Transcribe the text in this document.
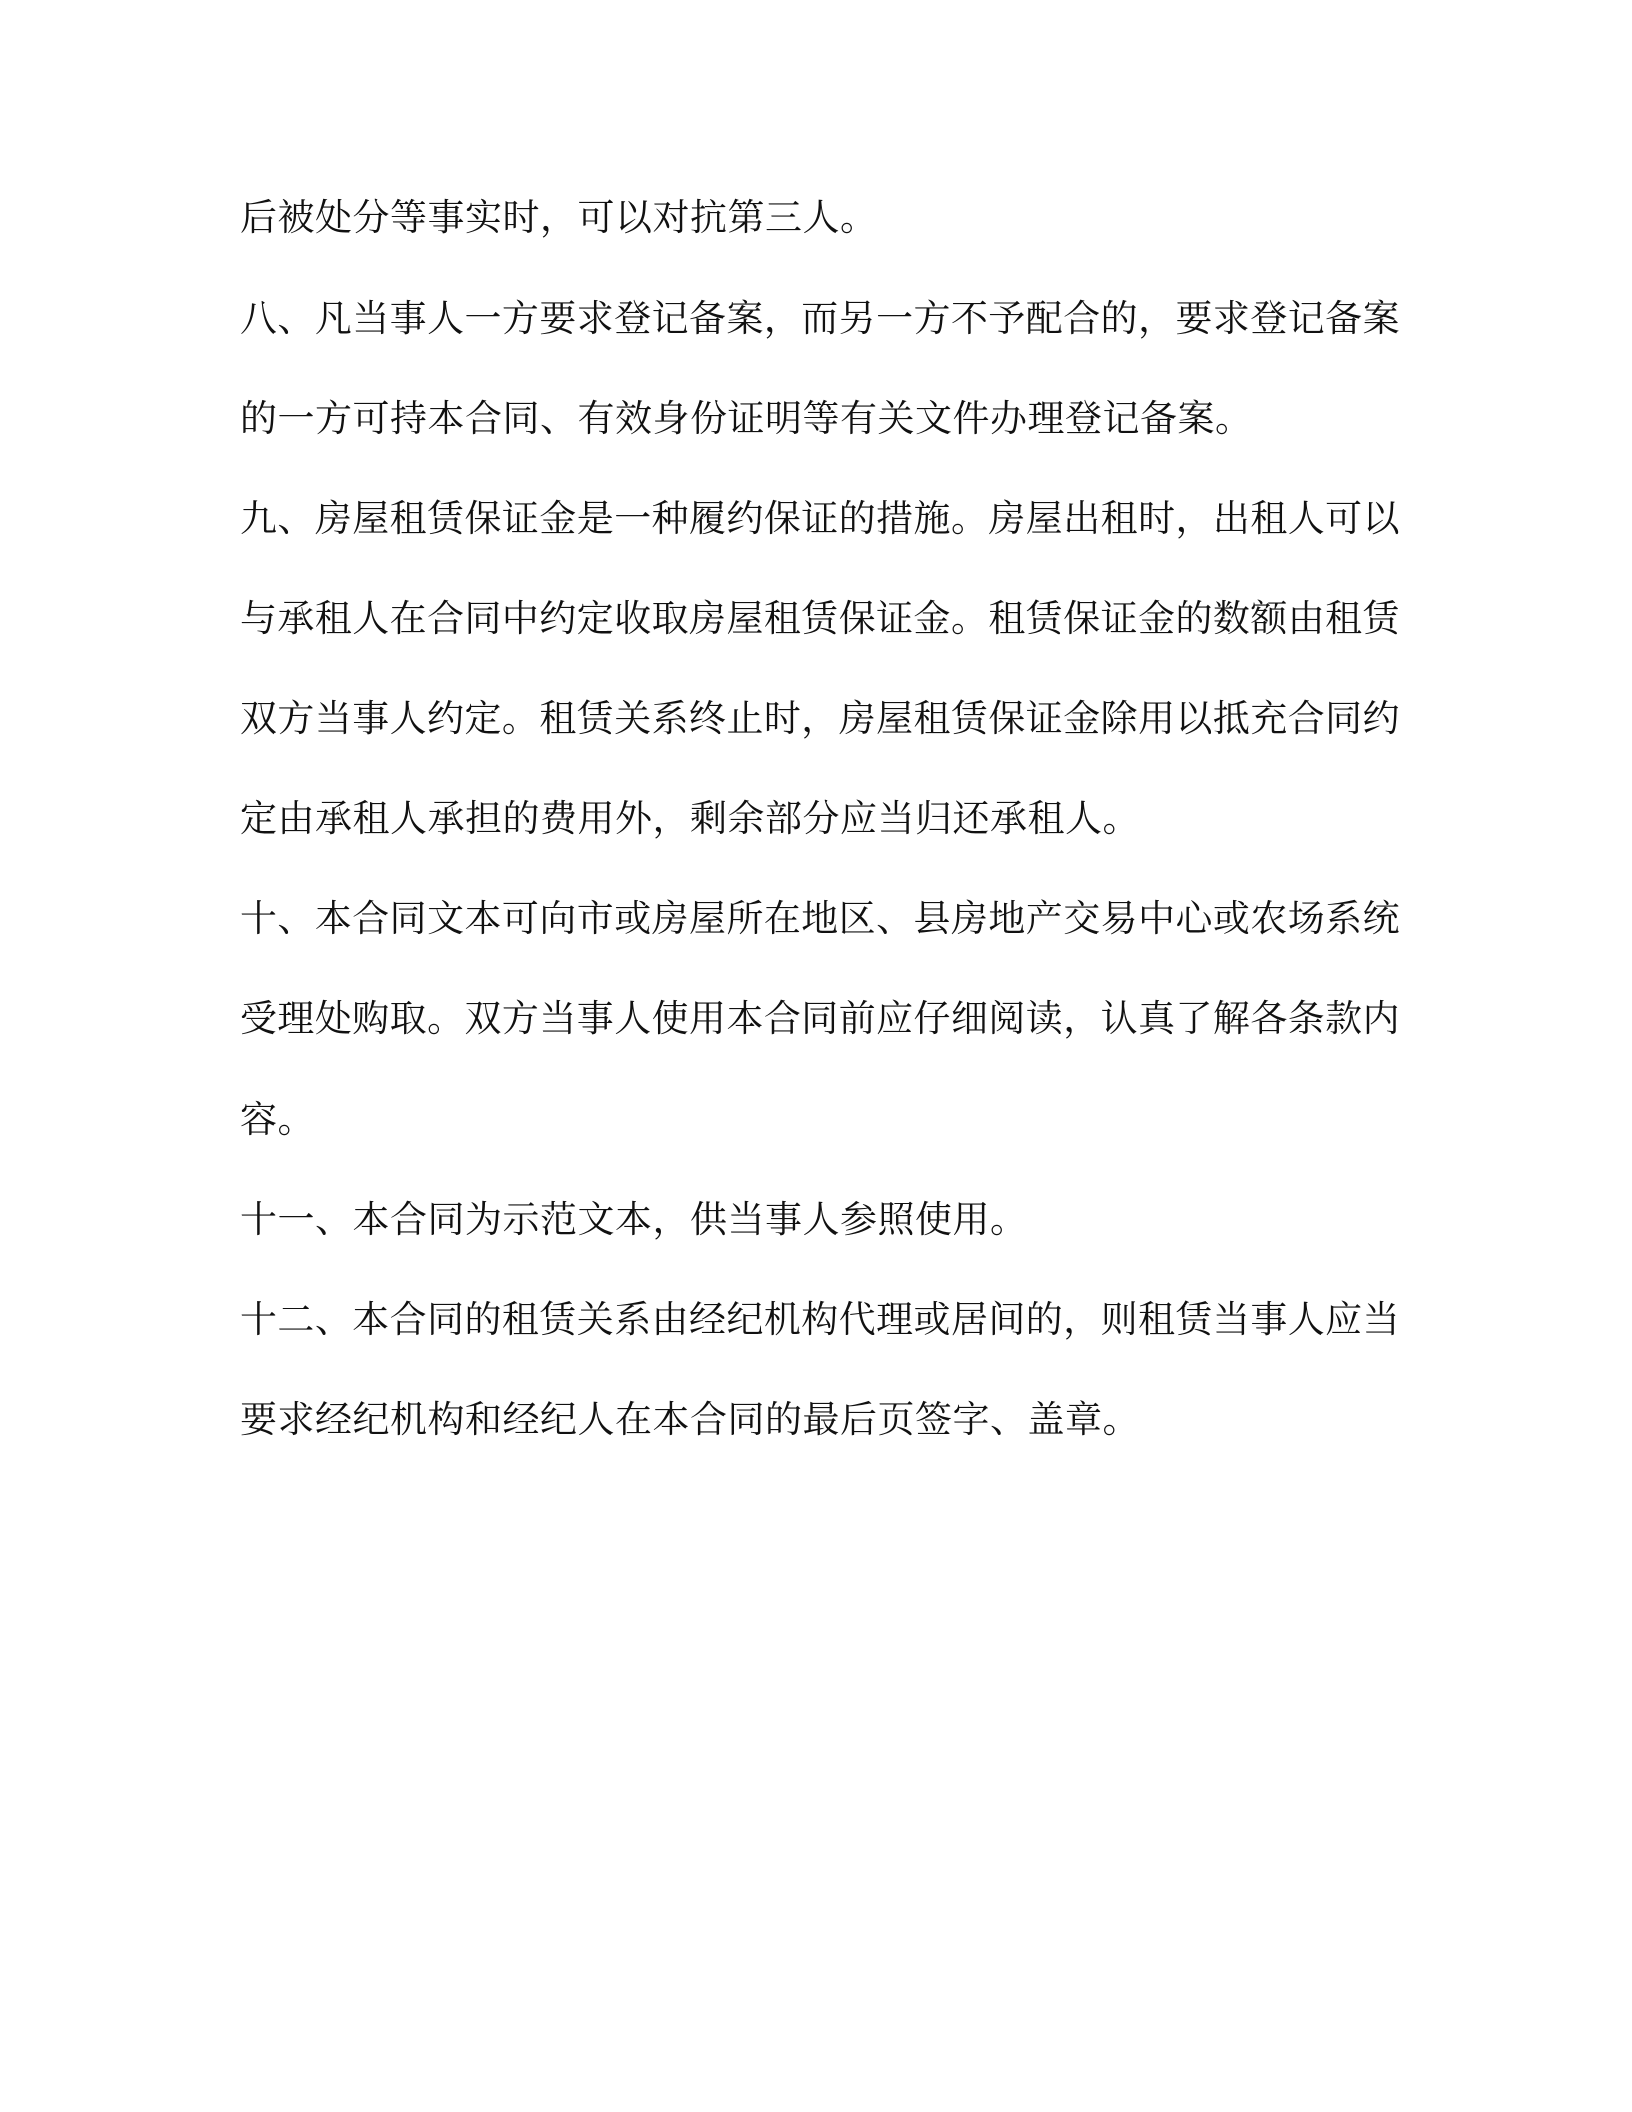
后被处分等事实时，可以对抗第三人。
八、凡当事人一方要求登记备案，而另一方不予配合的，要求登记备案
的一方可持本合同、有效身份证明等有关文件办理登记备案。
九、房屋租赁保证金是一种履约保证的措施。房屋出租时，出租人可以
与承租人在合同中约定收取房屋租赁保证金。租赁保证金的数额由租赁
双方当事人约定。租赁关系终止时，房屋租赁保证金除用以抵充合同约
定由承租人承担的费用外，剩余部分应当归还承租人。
十、本合同文本可向市或房屋所在地区、县房地产交易中心或农场系统
受理处购取。双方当事人使用本合同前应仔细阅读，认真了解各条款内
容。
十一、本合同为示范文本，供当事人参照使用。
十二、本合同的租赁关系由经纪机构代理或居间的，则租赁当事人应当
要求经纪机构和经纪人在本合同的最后页签字、盖章。
